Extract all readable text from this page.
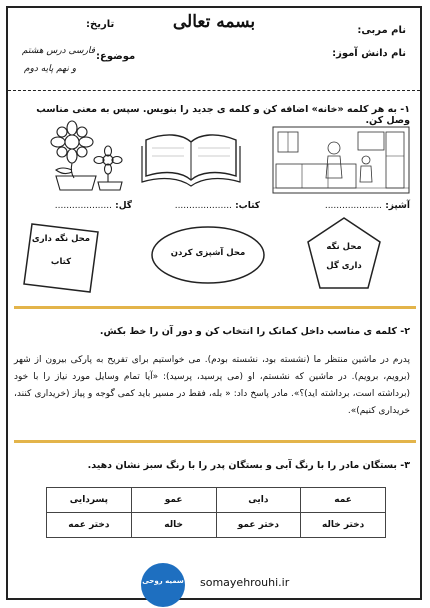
بسمه تعالی
تاریخ:
موضوع:
نام مربی:
نام دانش آموز:
فارسی درس هشتم
و نهم پایه دوم
۱- به هر کلمه «خانه» اضافه کن و کلمه ی جدید را بنویس. سپس به معنی مناسب وصل کن.
آشپز: ....................
کتاب: ....................
گل: ....................
محل نگه داری
کتاب
محل آشپزی کردن
محل نگه
داری گل
۲- کلمه ی مناسب داخل کمانک را انتخاب کن و دور آن را خط بکش.
پدرم در ماشین منتظر ما (نشسته بود، نشسته بودم). می خواستیم برای تفریح به پارکی بیرون از شهر (برویم، برویم). در ماشین که نشستم، او (می پرسید، پرسید): «آیا تمام وسایل مورد نیاز را با خود (برداشته است، برداشته اید)؟». مادر پاسخ داد: « بله، فقط در مسیر باید کمی گوجه و پیاز (خریداری کنند، خریداری کنیم)».
۳- بستگان مادر را با رنگ آبی و بستگان پدر را با رنگ سبز نشان دهید.
عمه	دایی	عمو	پسردایی
دختر خاله	دختر عمو	خاله	دختر عمه
سمیه روحی somayehrouhi.ir
